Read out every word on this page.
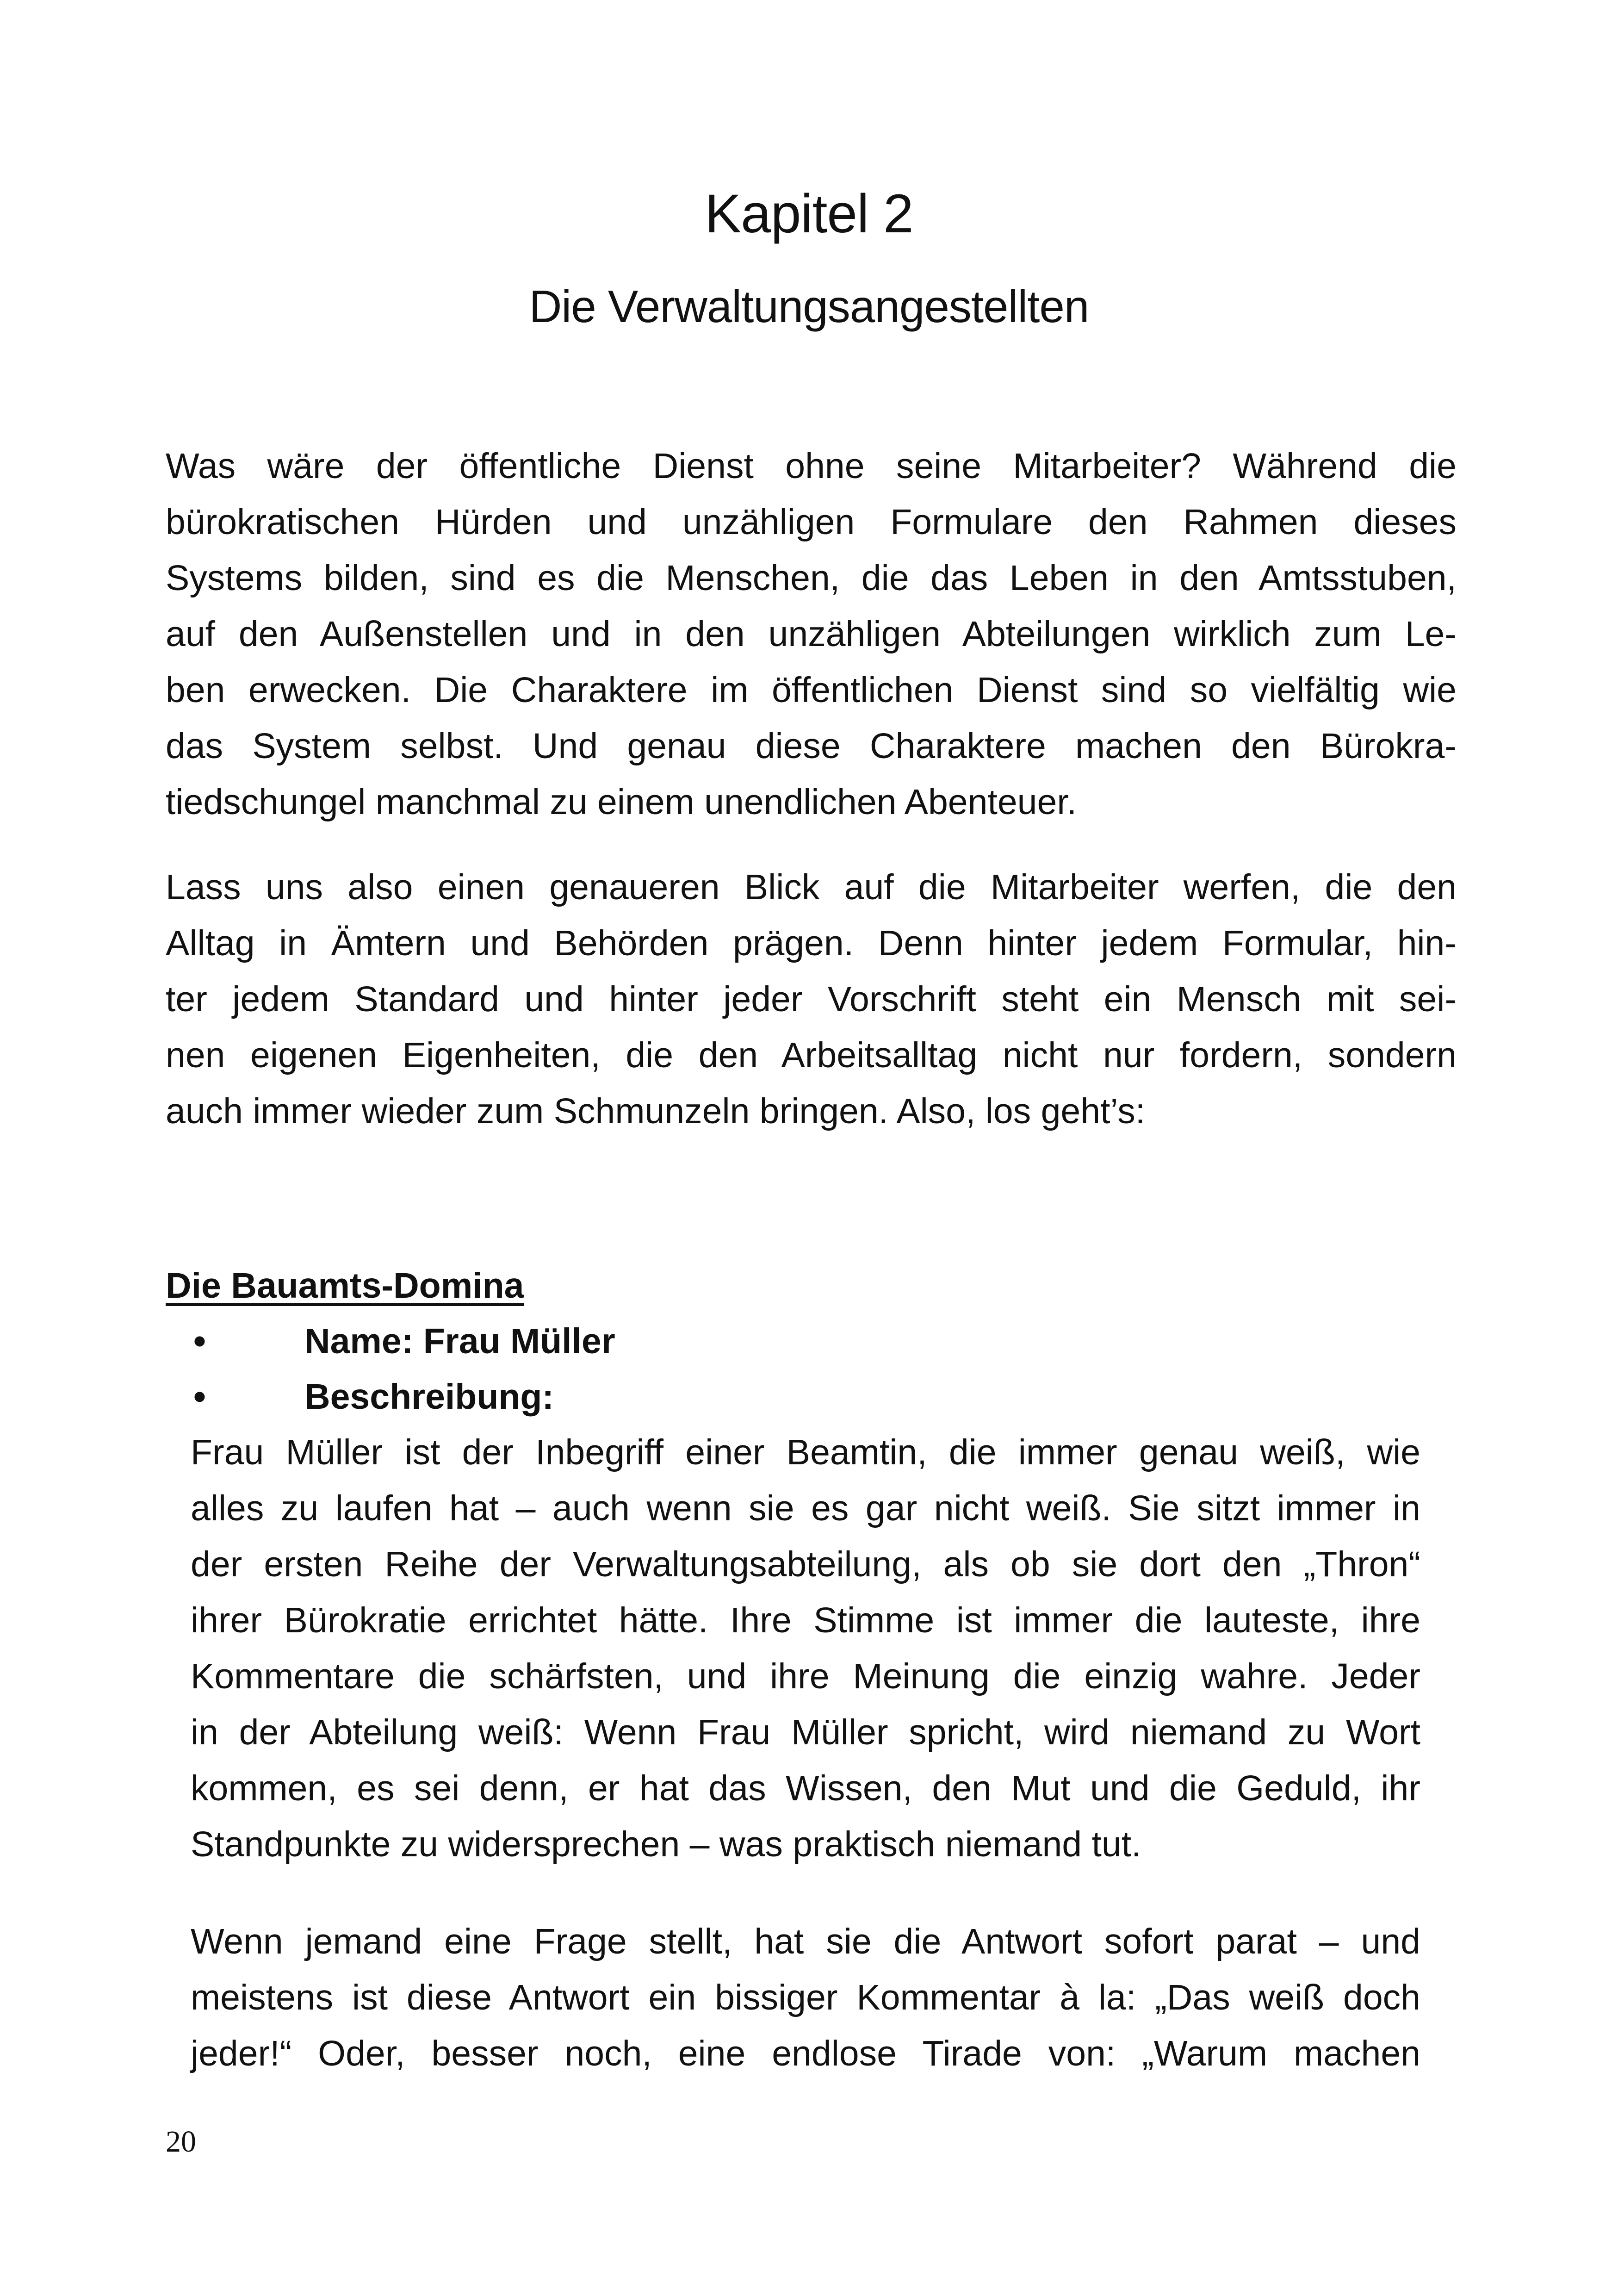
Kapitel 2
Die Verwaltungsangestellten
Was wäre der öffentliche Dienst ohne seine Mitarbeiter? Während die
bürokratischen Hürden und unzähligen Formulare den Rahmen dieses
Systems bilden, sind es die Menschen, die das Leben in den Amtsstuben,
auf den Außenstellen und in den unzähligen Abteilungen wirklich zum Le-
ben erwecken. Die Charaktere im öffentlichen Dienst sind so vielfältig wie
das System selbst. Und genau diese Charaktere machen den Bürokra-
tiedschungel manchmal zu einem unendlichen Abenteuer.
Lass uns also einen genaueren Blick auf die Mitarbeiter werfen, die den
Alltag in Ämtern und Behörden prägen. Denn hinter jedem Formular, hin-
ter jedem Standard und hinter jeder Vorschrift steht ein Mensch mit sei-
nen eigenen Eigenheiten, die den Arbeitsalltag nicht nur fordern, sondern
auch immer wieder zum Schmunzeln bringen. Also, los geht’s:
Die Bauamts-Domina
•	Name: Frau Müller
•	Beschreibung:
Frau Müller ist der Inbegriff einer Beamtin, die immer genau weiß, wie
alles zu laufen hat – auch wenn sie es gar nicht weiß. Sie sitzt immer in
der ersten Reihe der Verwaltungsabteilung, als ob sie dort den „Thron“
ihrer Bürokratie errichtet hätte. Ihre Stimme ist immer die lauteste, ihre
Kommentare die schärfsten, und ihre Meinung die einzig wahre. Jeder
in der Abteilung weiß: Wenn Frau Müller spricht, wird niemand zu Wort
kommen, es sei denn, er hat das Wissen, den Mut und die Geduld, ihr
Standpunkte zu widersprechen – was praktisch niemand tut.
Wenn jemand eine Frage stellt, hat sie die Antwort sofort parat – und
meistens ist diese Antwort ein bissiger Kommentar à la: „Das weiß doch
jeder!“ Oder, besser noch, eine endlose Tirade von: „Warum machen
20
